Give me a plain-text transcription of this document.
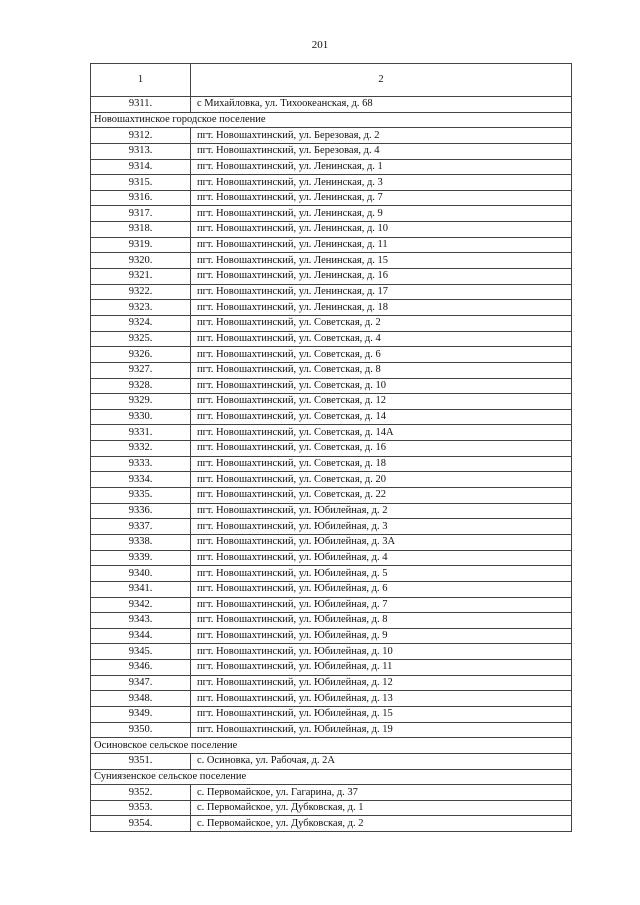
201
1	2
9311.	с Михайловка, ул. Тихоокеанская, д. 68
Новошахтинское городское поселение	
9312.	пгт. Новошахтинский, ул. Березовая, д. 2
9313.	пгт. Новошахтинский, ул. Березовая, д. 4
9314.	пгт. Новошахтинский, ул. Ленинская, д. 1
9315.	пгт. Новошахтинский, ул. Ленинская, д. 3
9316.	пгт. Новошахтинский, ул. Ленинская, д. 7
9317.	пгт. Новошахтинский, ул. Ленинская, д. 9
9318.	пгт. Новошахтинский, ул. Ленинская, д. 10
9319.	пгт. Новошахтинский, ул. Ленинская, д. 11
9320.	пгт. Новошахтинский, ул. Ленинская, д. 15
9321.	пгт. Новошахтинский, ул. Ленинская, д. 16
9322.	пгт. Новошахтинский, ул. Ленинская, д. 17
9323.	пгт. Новошахтинский, ул. Ленинская, д. 18
9324.	пгт. Новошахтинский, ул. Советская, д. 2
9325.	пгт. Новошахтинский, ул. Советская, д. 4
9326.	пгт. Новошахтинский, ул. Советская, д. 6
9327.	пгт. Новошахтинский, ул. Советская, д. 8
9328.	пгт. Новошахтинский, ул. Советская, д. 10
9329.	пгт. Новошахтинский, ул. Советская, д. 12
9330.	пгт. Новошахтинский, ул. Советская, д. 14
9331.	пгт. Новошахтинский, ул. Советская, д. 14А
9332.	пгт. Новошахтинский, ул. Советская, д. 16
9333.	пгт. Новошахтинский, ул. Советская, д. 18
9334.	пгт. Новошахтинский, ул. Советская, д. 20
9335.	пгт. Новошахтинский, ул. Советская, д. 22
9336.	пгт. Новошахтинский, ул. Юбилейная, д. 2
9337.	пгт. Новошахтинский, ул. Юбилейная, д. 3
9338.	пгт. Новошахтинский, ул. Юбилейная, д. 3А
9339.	пгт. Новошахтинский, ул. Юбилейная, д. 4
9340.	пгт. Новошахтинский, ул. Юбилейная, д. 5
9341.	пгт. Новошахтинский, ул. Юбилейная, д. 6
9342.	пгт. Новошахтинский, ул. Юбилейная, д. 7
9343.	пгт. Новошахтинский, ул. Юбилейная, д. 8
9344.	пгт. Новошахтинский, ул. Юбилейная, д. 9
9345.	пгт. Новошахтинский, ул. Юбилейная, д. 10
9346.	пгт. Новошахтинский, ул. Юбилейная, д. 11
9347.	пгт. Новошахтинский, ул. Юбилейная, д. 12
9348.	пгт. Новошахтинский, ул. Юбилейная, д. 13
9349.	пгт. Новошахтинский, ул. Юбилейная, д. 15
9350.	пгт. Новошахтинский, ул. Юбилейная, д. 19
Осиновское сельское поселение	
9351.	с. Осиновка, ул. Рабочая, д. 2А
Суниязенское сельское поселение	
9352.	с. Первомайское, ул. Гагарина, д. 37
9353.	с. Первомайское, ул. Дубковская, д. 1
9354.	с. Первомайское, ул. Дубковская, д. 2
